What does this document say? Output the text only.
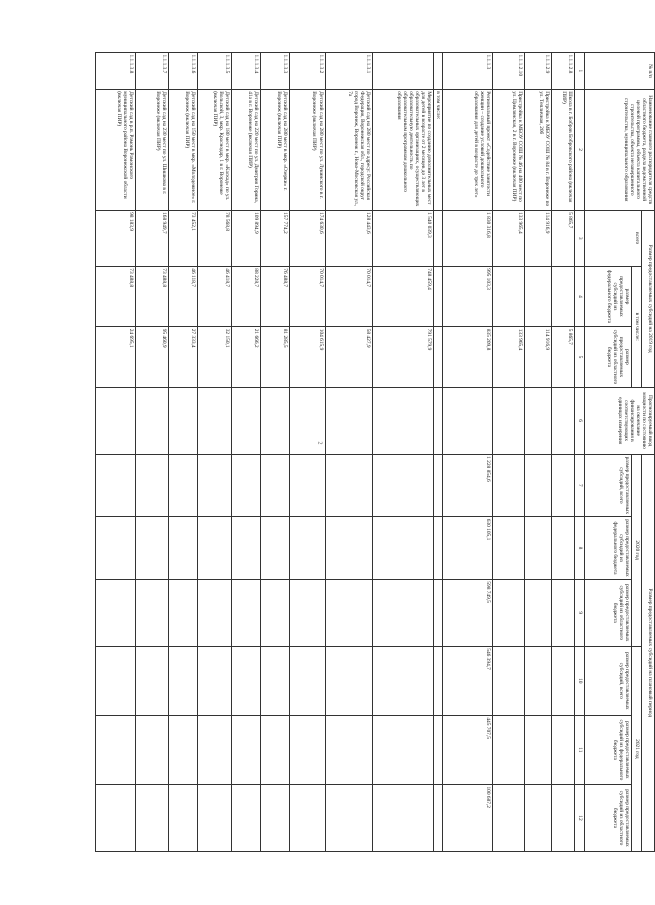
2
№ п/п	Наименование главного распорядителя средств областного бюджета, раздела ведомственной целевой программы, объекта капитального строительства, объекта незавершенного строительства, муниципального образования	Размер предоставляемых субсидий на 2019 год			Прогнозируемый ввод мощности по состоянию на окончание финансирования в соответствующих единицах измерения	Размер предоставляемых субсидий на плановый период					
		всего	в том числе:			2020 год			2021 год		
			размер предоставляемых субсидий из федерального бюджета	размер предоставляемых субсидий из областного бюджета		размер предоставляемых субсидий, всего	размер предоставляемых субсидий из федерального бюджета	размер предоставляемых субсидий из областного бюджета	размер предоставляемых субсидий, всего	размер предоставляемых субсидий из федерального бюджета	размер предоставляемых субсидий из областного бюджета

1	2	3	4	5	6	7	8	9	10	11	12
1.1.1.2.8	Школа в г. Бобров Бобровского района (включая ПИР)	5 865,7		5 865,7							
1.1.1.2.9	Пристройка к МБОУ СОШ № 84 в г. Воронеже по ул. Тепличная, 20б	114 916,9		114 916,9							
1.1.1.2.10	Пристройка к МБОУ СОШ № 46 на 400 мест по ул. Цимлянская, 2 в г. Воронеже (включая ПИР)	133 965,4		133 965,4							
1.1.1.3	Региональный проект «Содействие занятости женщин – создание условий дошкольного образования для детей в возрасте до трех лет»	1 830 316,8	995 103,3	835 209,8		1 228 854,6	630 105,1	598 749,5	546 394,7	445 707,5	100 687,2
	в том числе:										
	Мероприятие по созданию дополнительных мест для детей в возрасте от 2 месяцев до 3 лет в образовательных организациях, осуществляющих образовательную деятельность по образовательным программам дошкольного образования	1 540 039,3	748 459,4	791 579,9							
1.1.1.3.1	Детский сад на 280 мест по адресу: Российская Федерация, Воронежская обл., городской округ город Воронеж, Воронеж г., Ново-Московская ул., 7а	128 443,6	70 014,7	58 427,9							
1.1.1.3.2	Детский сад на 280 мест по ул. Лукинского в г. Воронеже (включая ПИР)	174 630,6	70 014,7	104 615,9							
1.1.1.3.3	Детский сад на 280 мест в мкр. «Озерки» г. Воронеж (включая ПИР)	157 774,2	76 488,7	81 285,5							
1.1.1.3.4	Детский сад на 220 мест по ул. Дмитрия Горина, 41а в г. Воронеже (включая ПИР)	109 894,9	88 228,7	21 666,2							
1.1.1.3.5	Детский сад на 180 мест в мкр. «Каскад» по ул. Вольской, 3, мкр. Краснодар, 1 в г. Воронеже (включая ПИР)	78 568,8	46 418,7	32 150,1							
1.1.1.3.6	Детский сад на 150 мест в мкр. «Молодежное» г. Воронеж (включая ПИР)	73 452,1	46 118,7	27 333,4							
1.1.1.3.7	Детский сад на 230 мест по ул. Шишкова в г. Воронеже (включая ПИР)	168 949,7	73 488,8	95 460,9							
1.1.1.3.8	Детский сад в р.п. Рамонь Рамонского муниципального района Воронежской области (включая ПИР)	98 183,9	73 488,8	24 695,1							
